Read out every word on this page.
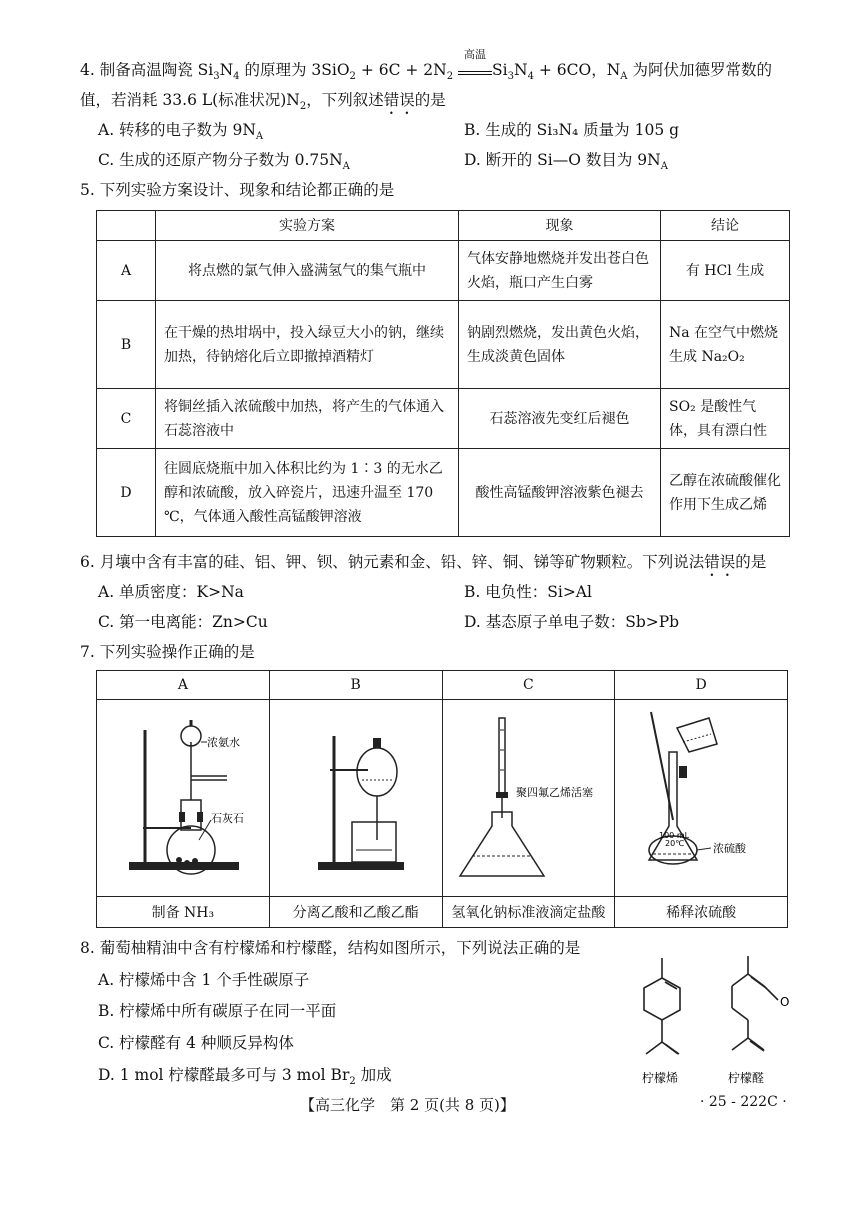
4. 制备高温陶瓷 $Si_3N_4$ 的原理为 $3SiO_2 + 6C + 2N_2$
高温
$Si_3N_4 + 6CO$，$N_A$ 为阿伏加德罗常数的
值，若消耗 33.6 L(标准状况)$N_2$，下列叙述错误的是
A. 转移的电子数为 $9N_A$	B. 生成的 Si₃N₄ 质量为 105 g
C. 生成的还原产物分子数为 $0.75N_A$	D. 断开的 Si—O 数目为 $9N_A$
5. 下列实验方案设计、现象和结论都正确的是
	实验方案	现象	结论
A	将点燃的氯气伸入盛满氢气的集气瓶中	气体安静地燃烧并发出苍白色火焰，瓶口产生白雾	有 HCl 生成
B	在干燥的热坩埚中，投入绿豆大小的钠，继续加热，待钠熔化后立即撤掉酒精灯	钠剧烈燃烧，发出黄色火焰，生成淡黄色固体	Na 在空气中燃烧生成 Na₂O₂
C	将铜丝插入浓硫酸中加热，将产生的气体通入石蕊溶液中	石蕊溶液先变红后褪色	SO₂ 是酸性气体，具有漂白性
D	往圆底烧瓶中加入体积比约为 1∶3 的无水乙醇和浓硫酸，放入碎瓷片，迅速升温至 170 ℃，气体通入酸性高锰酸钾溶液	酸性高锰酸钾溶液紫色褪去	乙醇在浓硫酸催化作用下生成乙烯
6. 月壤中含有丰富的硅、铝、钾、钡、钠元素和金、铅、锌、铜、锑等矿物颗粒。下列说法错误的是
A. 单质密度：K>Na	B. 电负性：Si>Al
C. 第一电离能：Zn>Cu	D. 基态原子单电子数：Sb>Pb
7. 下列实验操作正确的是
A	B	C	D

浓氨水
石灰石		聚四氟乙烯活塞	100 mL
20℃ 浓硫酸

制备 NH₃	分离乙酸和乙酸乙酯	氢氧化钠标准液滴定盐酸	稀释浓硫酸
8. 葡萄柚精油中含有柠檬烯和柠檬醛，结构如图所示，下列说法正确的是
A. 柠檬烯中含 1 个手性碳原子
B. 柠檬烯中所有碳原子在同一平面
C. 柠檬醛有 4 种顺反异构体
D. 1 mol 柠檬醛最多可与 3 mol $Br_2$ 加成
O
柠檬烯	柠檬醛
【高三化学　第 2 页(共 8 页)】	· 25 - 222C ·
